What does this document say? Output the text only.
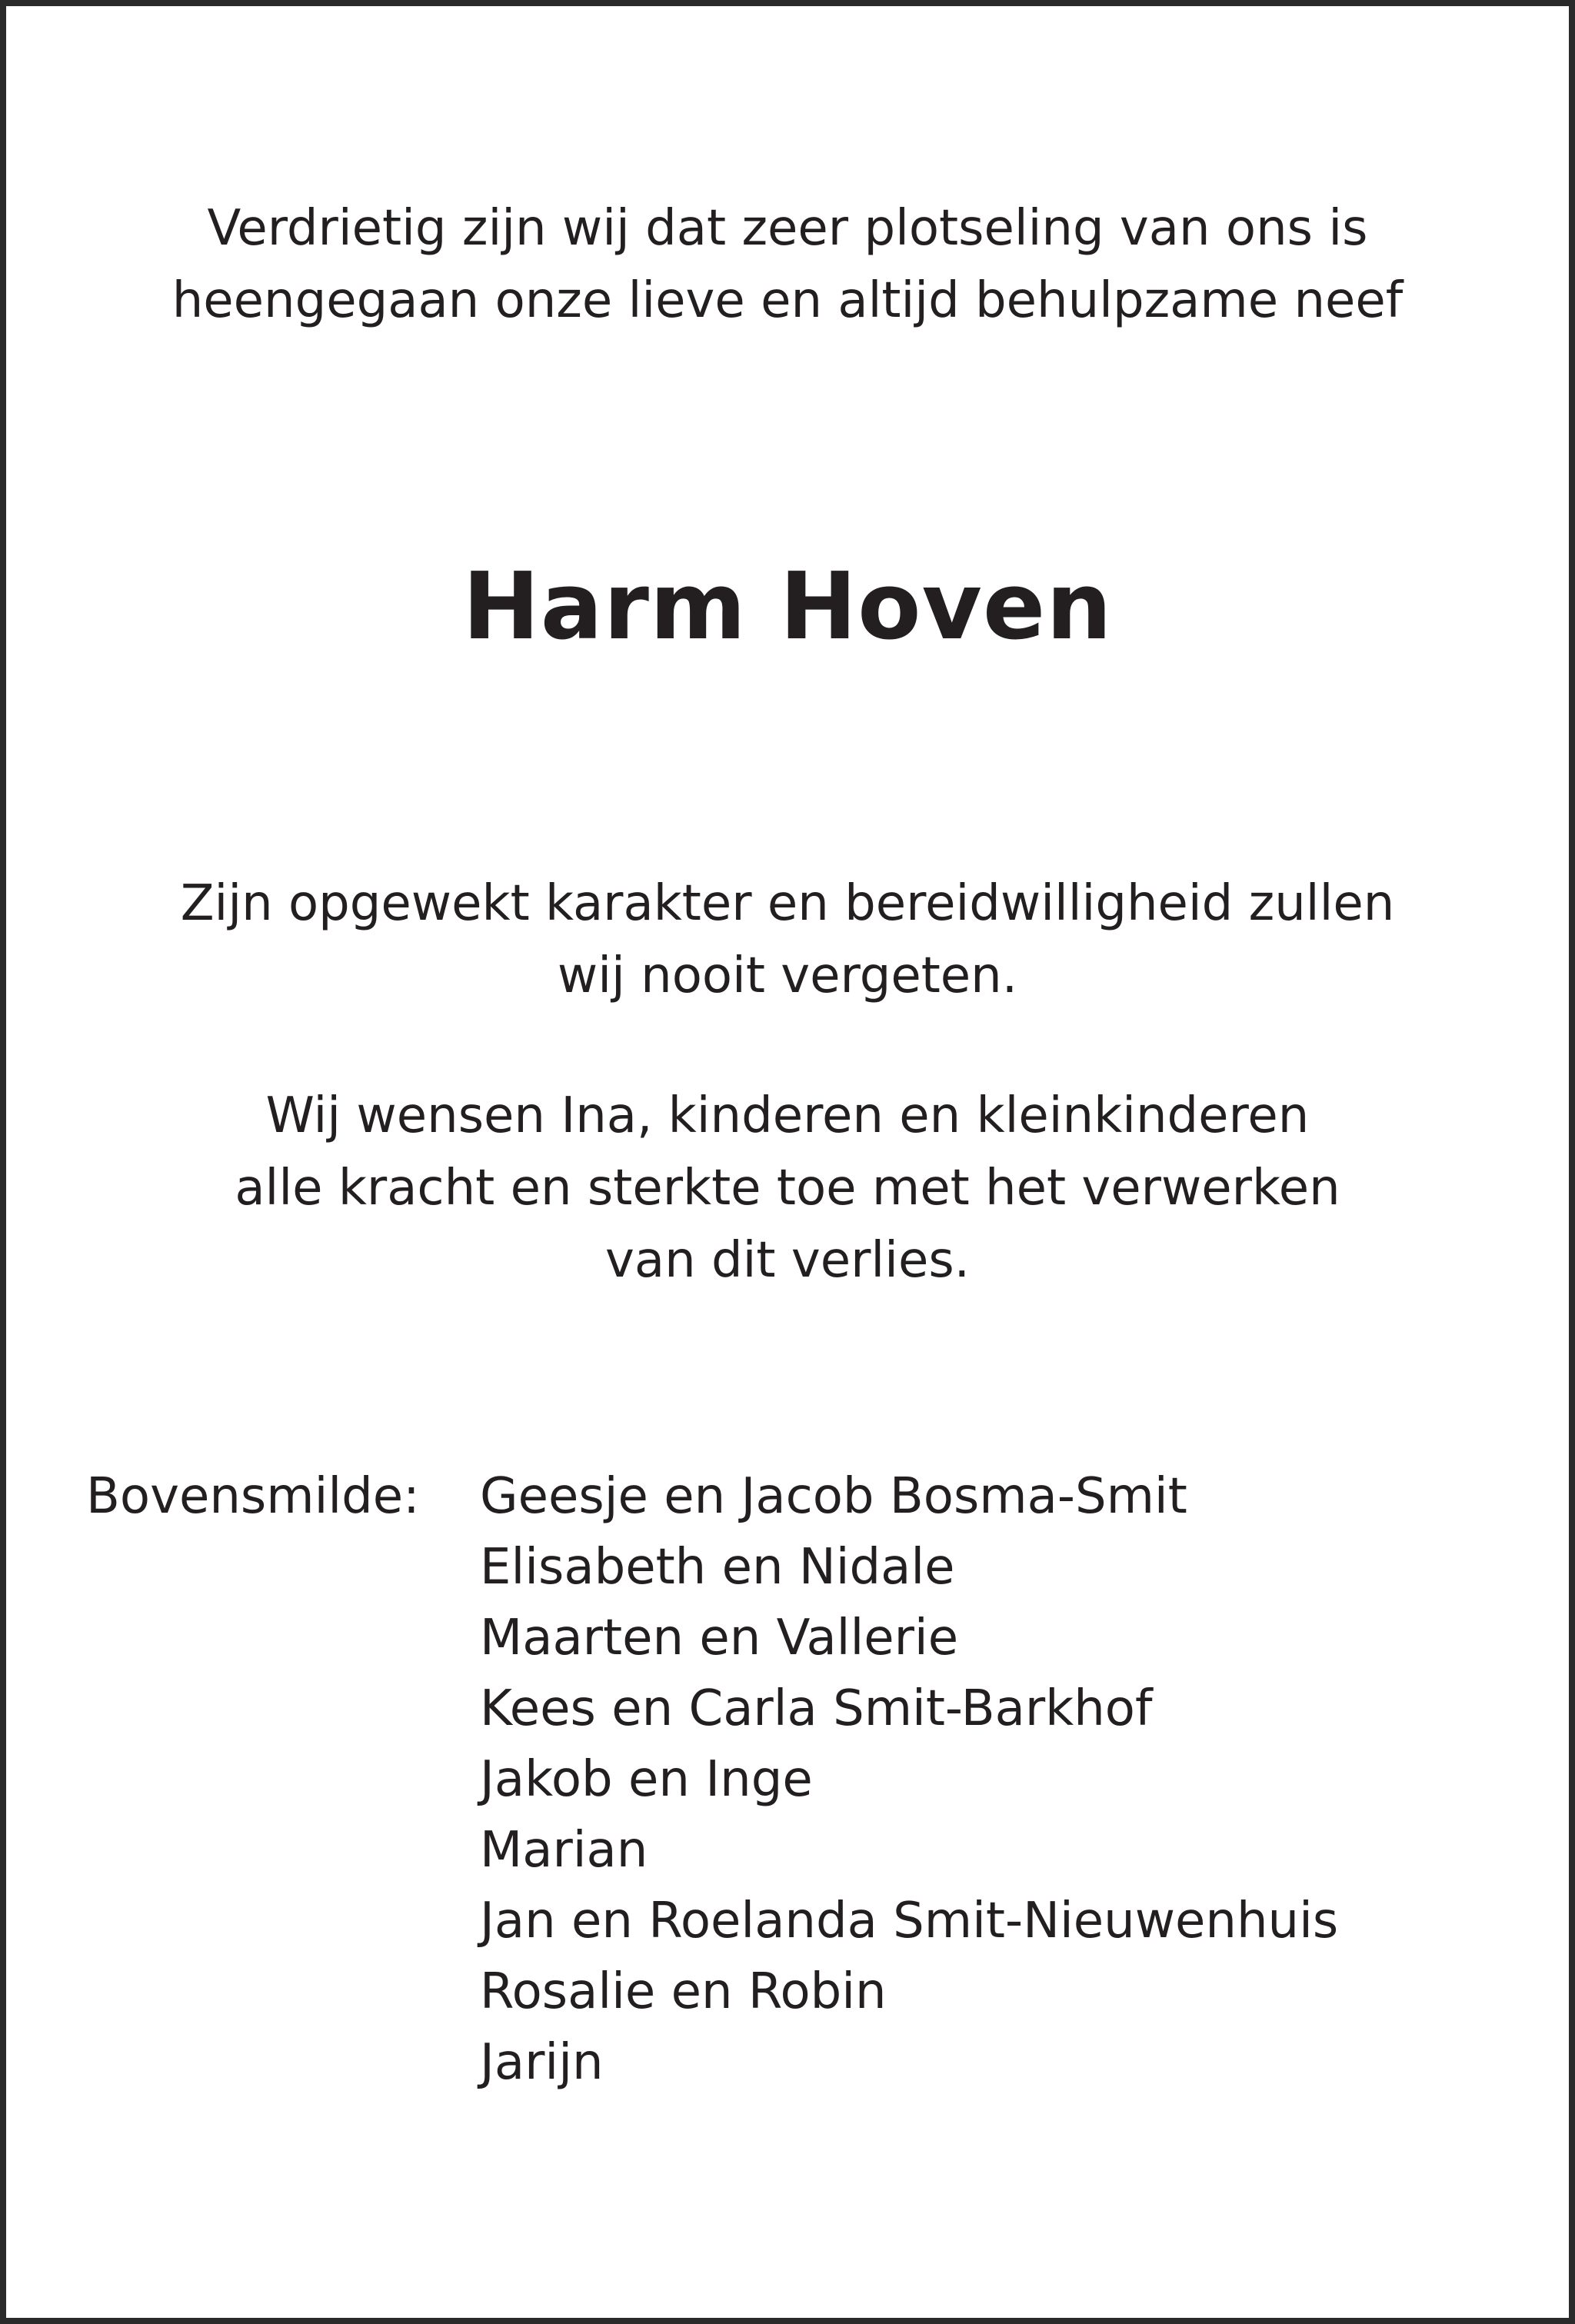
Verdrietig zijn wij dat zeer plotseling van ons is
heengegaan onze lieve en altijd behulpzame neef
Harm Hoven
Zijn opgewekt karakter en bereidwilligheid zullen
wij nooit vergeten.
Wij wensen Ina, kinderen en kleinkinderen
alle kracht en sterkte toe met het verwerken
van dit verlies.
Bovensmilde:	Geesje en Jacob Bosma-Smit
Elisabeth en Nidale
Maarten en Vallerie
Kees en Carla Smit-Barkhof
Jakob en Inge
Marian
Jan en Roelanda Smit-Nieuwenhuis
Rosalie en Robin
Jarijn
